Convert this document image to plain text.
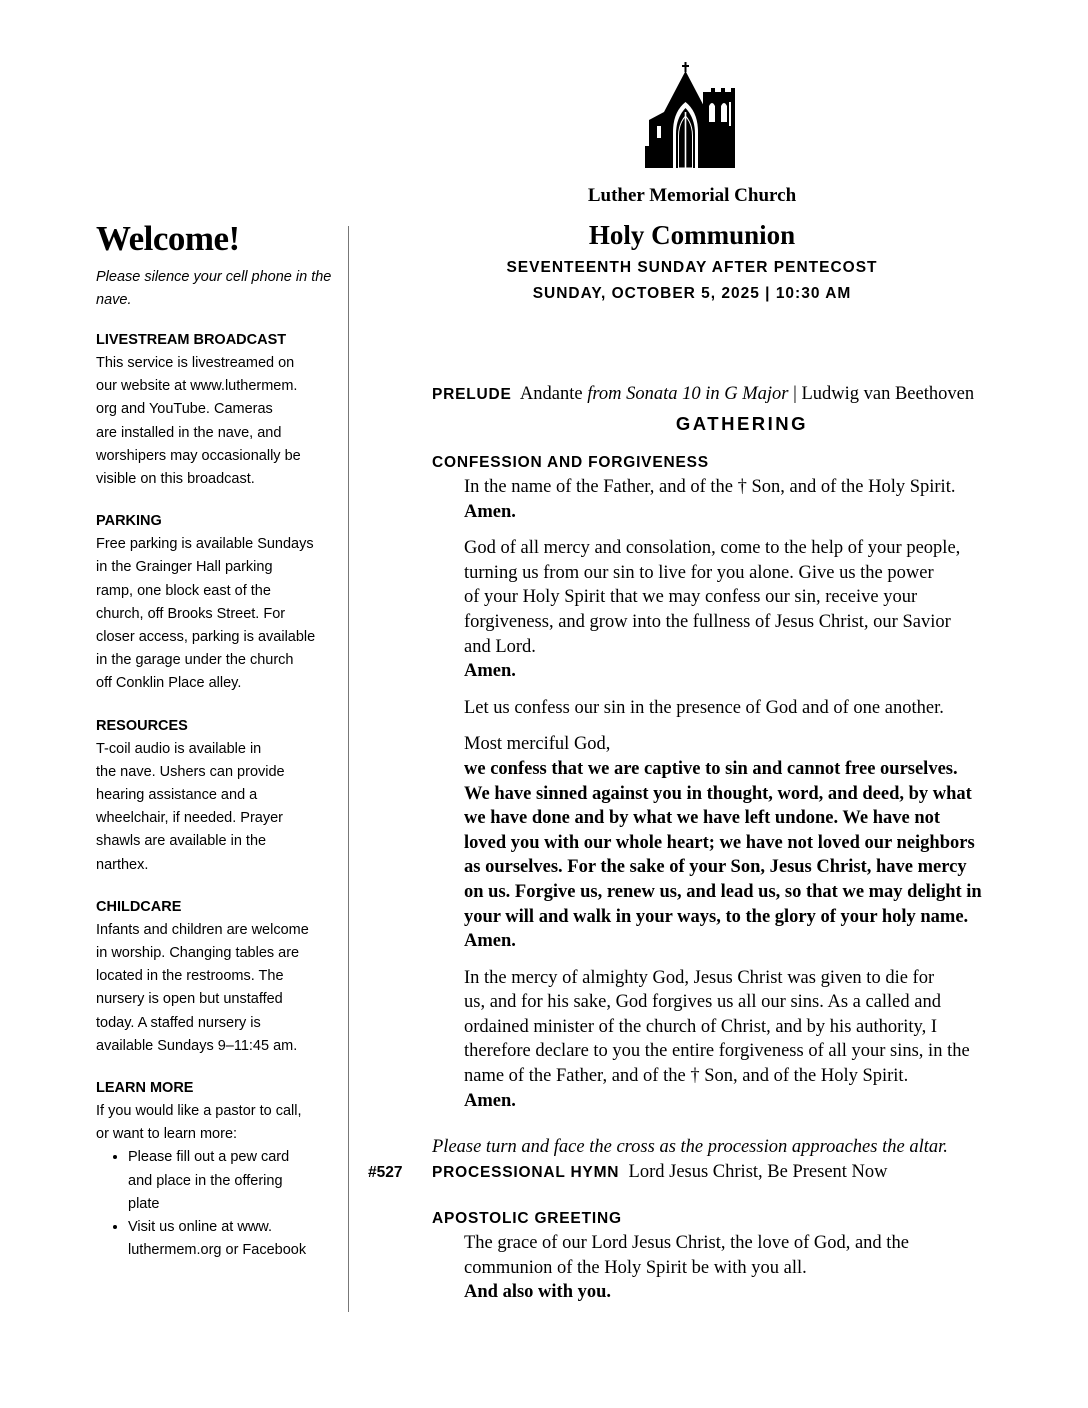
Welcome!
Please silence your cell phone in the nave.
LIVESTREAM BROADCAST
This service is livestreamed on
our website at www.luthermem.
org and YouTube. Cameras
are installed in the nave, and
worshipers may occasionally be
visible on this broadcast.
PARKING
Free parking is available Sundays
in the Grainger Hall parking
ramp, one block east of the
church, off Brooks Street. For
closer access, parking is available
in the garage under the church
off Conklin Place alley.
RESOURCES
T-coil audio is available in
the nave. Ushers can provide
hearing assistance and a
wheelchair, if needed. Prayer
shawls are available in the
narthex.
CHILDCARE
Infants and children are welcome
in worship. Changing tables are
located in the restrooms. The
nursery is open but unstaffed
today. A staffed nursery is
available Sundays 9–11:45 am.
LEARN MORE
If you would like a pastor to call,
or want to learn more:
• Please fill out a pew card
and place in the offering
plate
• Visit us online at www.
luthermem.org or Facebook
Luther Memorial Church
Holy Communion
SEVENTEENTH SUNDAY AFTER PENTECOST
SUNDAY, OCTOBER 5, 2025 | 10:30 AM
PRELUDE Andante from Sonata 10 in G Major | Ludwig van Beethoven
GATHERING
CONFESSION AND FORGIVENESS
In the name of the Father, and of the † Son, and of the Holy Spirit.
Amen.
God of all mercy and consolation, come to the help of your people,
turning us from our sin to live for you alone. Give us the power
of your Holy Spirit that we may confess our sin, receive your
forgiveness, and grow into the fullness of Jesus Christ, our Savior
and Lord.
Amen.
Let us confess our sin in the presence of God and of one another.
Most merciful God,
we confess that we are captive to sin and cannot free ourselves.
We have sinned against you in thought, word, and deed, by what
we have done and by what we have left undone. We have not
loved you with our whole heart; we have not loved our neighbors
as ourselves. For the sake of your Son, Jesus Christ, have mercy
on us. Forgive us, renew us, and lead us, so that we may delight in
your will and walk in your ways, to the glory of your holy name.
Amen.
In the mercy of almighty God, Jesus Christ was given to die for
us, and for his sake, God forgives us all our sins. As a called and
ordained minister of the church of Christ, and by his authority, I
therefore declare to you the entire forgiveness of all your sins, in the
name of the Father, and of the † Son, and of the Holy Spirit.
Amen.
Please turn and face the cross as the procession approaches the altar.
#527 PROCESSIONAL HYMN Lord Jesus Christ, Be Present Now
APOSTOLIC GREETING
The grace of our Lord Jesus Christ, the love of God, and the
communion of the Holy Spirit be with you all.
And also with you.
